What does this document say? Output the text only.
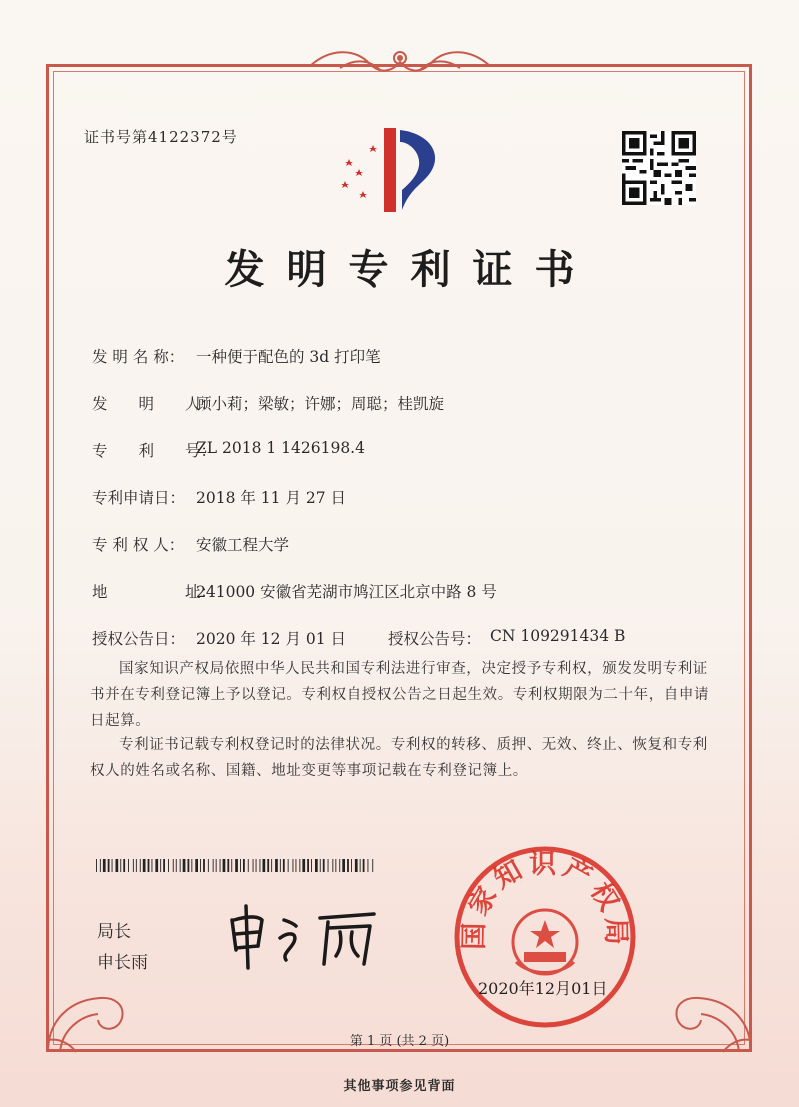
证书号第4122372号
发明专利证书
发 明 名 称： 一种便于配色的 3d 打印笔
发　　明　　人：
顾小莉；梁敏；许娜；周聪；桂凯旋
专　　利　　号：
ZL 2018 1 1426198.4
专利申请日： 2018 年 11 月 27 日
专 利 权 人： 安徽工程大学
地　　　　　址：
241000 安徽省芜湖市鸠江区北京中路 8 号
授权公告日： 2020 年 12 月 01 日	授权公告号： CN 109291434 B
国家知识产权局依照中华人民共和国专利法进行审查，决定授予专利权，颁发发明专利证书并在专利登记簿上予以登记。专利权自授权公告之日起生效。专利权期限为二十年，自申请日起算。
专利证书记载专利权登记时的法律状况。专利权的转移、质押、无效、终止、恢复和专利权人的姓名或名称、国籍、地址变更等事项记载在专利登记簿上。
局长
申长雨
国家知识产权局
2020年12月01日
第 1 页 (共 2 页)
其他事项参见背面
